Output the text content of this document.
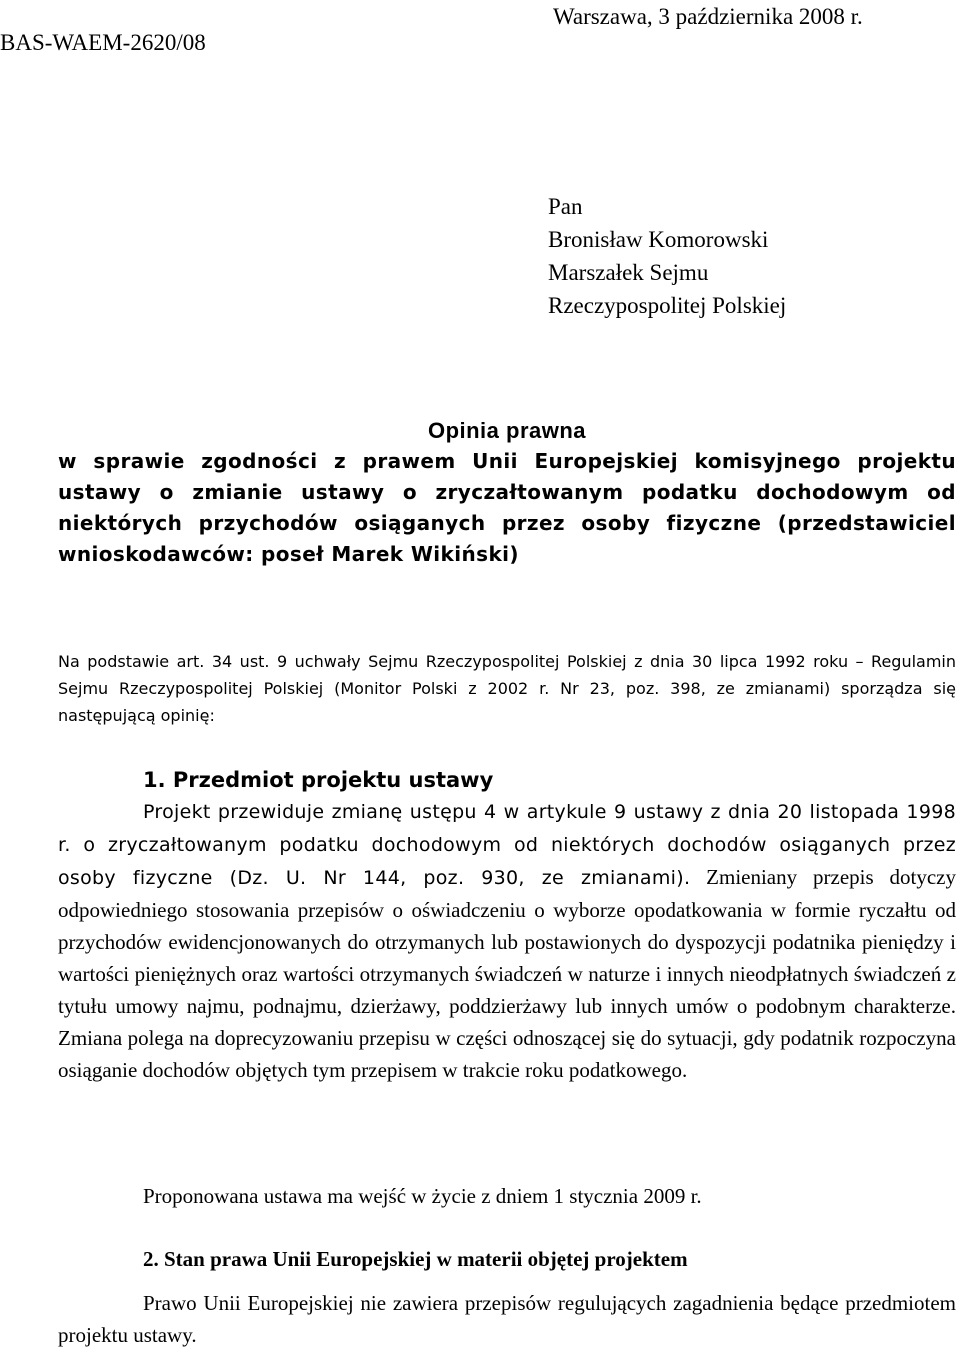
BAS-WAEM-2620/08
Warszawa, 3 października 2008 r.
Pan
Bronisław Komorowski
Marszałek Sejmu
Rzeczypospolitej Polskiej
Opinia prawna
w sprawie zgodności z prawem Unii Europejskiej komisyjnego projektu ustawy o zmianie ustawy o zryczałtowanym podatku dochodowym od niektórych przychodów osiąganych przez osoby fizyczne (przedstawiciel wnioskodawców: poseł Marek Wikiński)

Na podstawie art. 34 ust. 9 uchwały Sejmu Rzeczypospolitej Polskiej z dnia 30 lipca 1992 roku – Regulamin Sejmu Rzeczypospolitej Polskiej (Monitor Polski z 2002 r. Nr 23, poz. 398, ze zmianami) sporządza się następującą opinię:

1. Przedmiot projektu ustawy

Projekt przewiduje zmianę ustępu 4 w artykule 9 ustawy z dnia 20 listopada 1998 r. o zryczałtowanym podatku dochodowym od niektórych dochodów osiąganych przez osoby fizyczne (Dz. U. Nr 144, poz. 930, ze zmianami). Zmieniany przepis dotyczy odpowiedniego stosowania przepisów o oświadczeniu o wyborze opodatkowania w formie ryczałtu od przychodów ewidencjonowanych do otrzymanych lub postawionych do dyspozycji podatnika pieniędzy i wartości pieniężnych oraz wartości otrzymanych świadczeń w naturze i innych nieodpłatnych świadczeń z tytułu umowy najmu, podnajmu, dzierżawy, poddzierżawy lub innych umów o podobnym charakterze. Zmiana polega na doprecyzowaniu przepisu w części odnoszącej się do sytuacji, gdy podatnik rozpoczyna osiąganie dochodów objętych tym przepisem w trakcie roku podatkowego.

Proponowana ustawa ma wejść w życie z dniem 1 stycznia 2009 r.
2. Stan prawa Unii Europejskiej w materii objętej projektem

Prawo Unii Europejskiej nie zawiera przepisów regulujących zagadnienia będące przedmiotem projektu ustawy.
